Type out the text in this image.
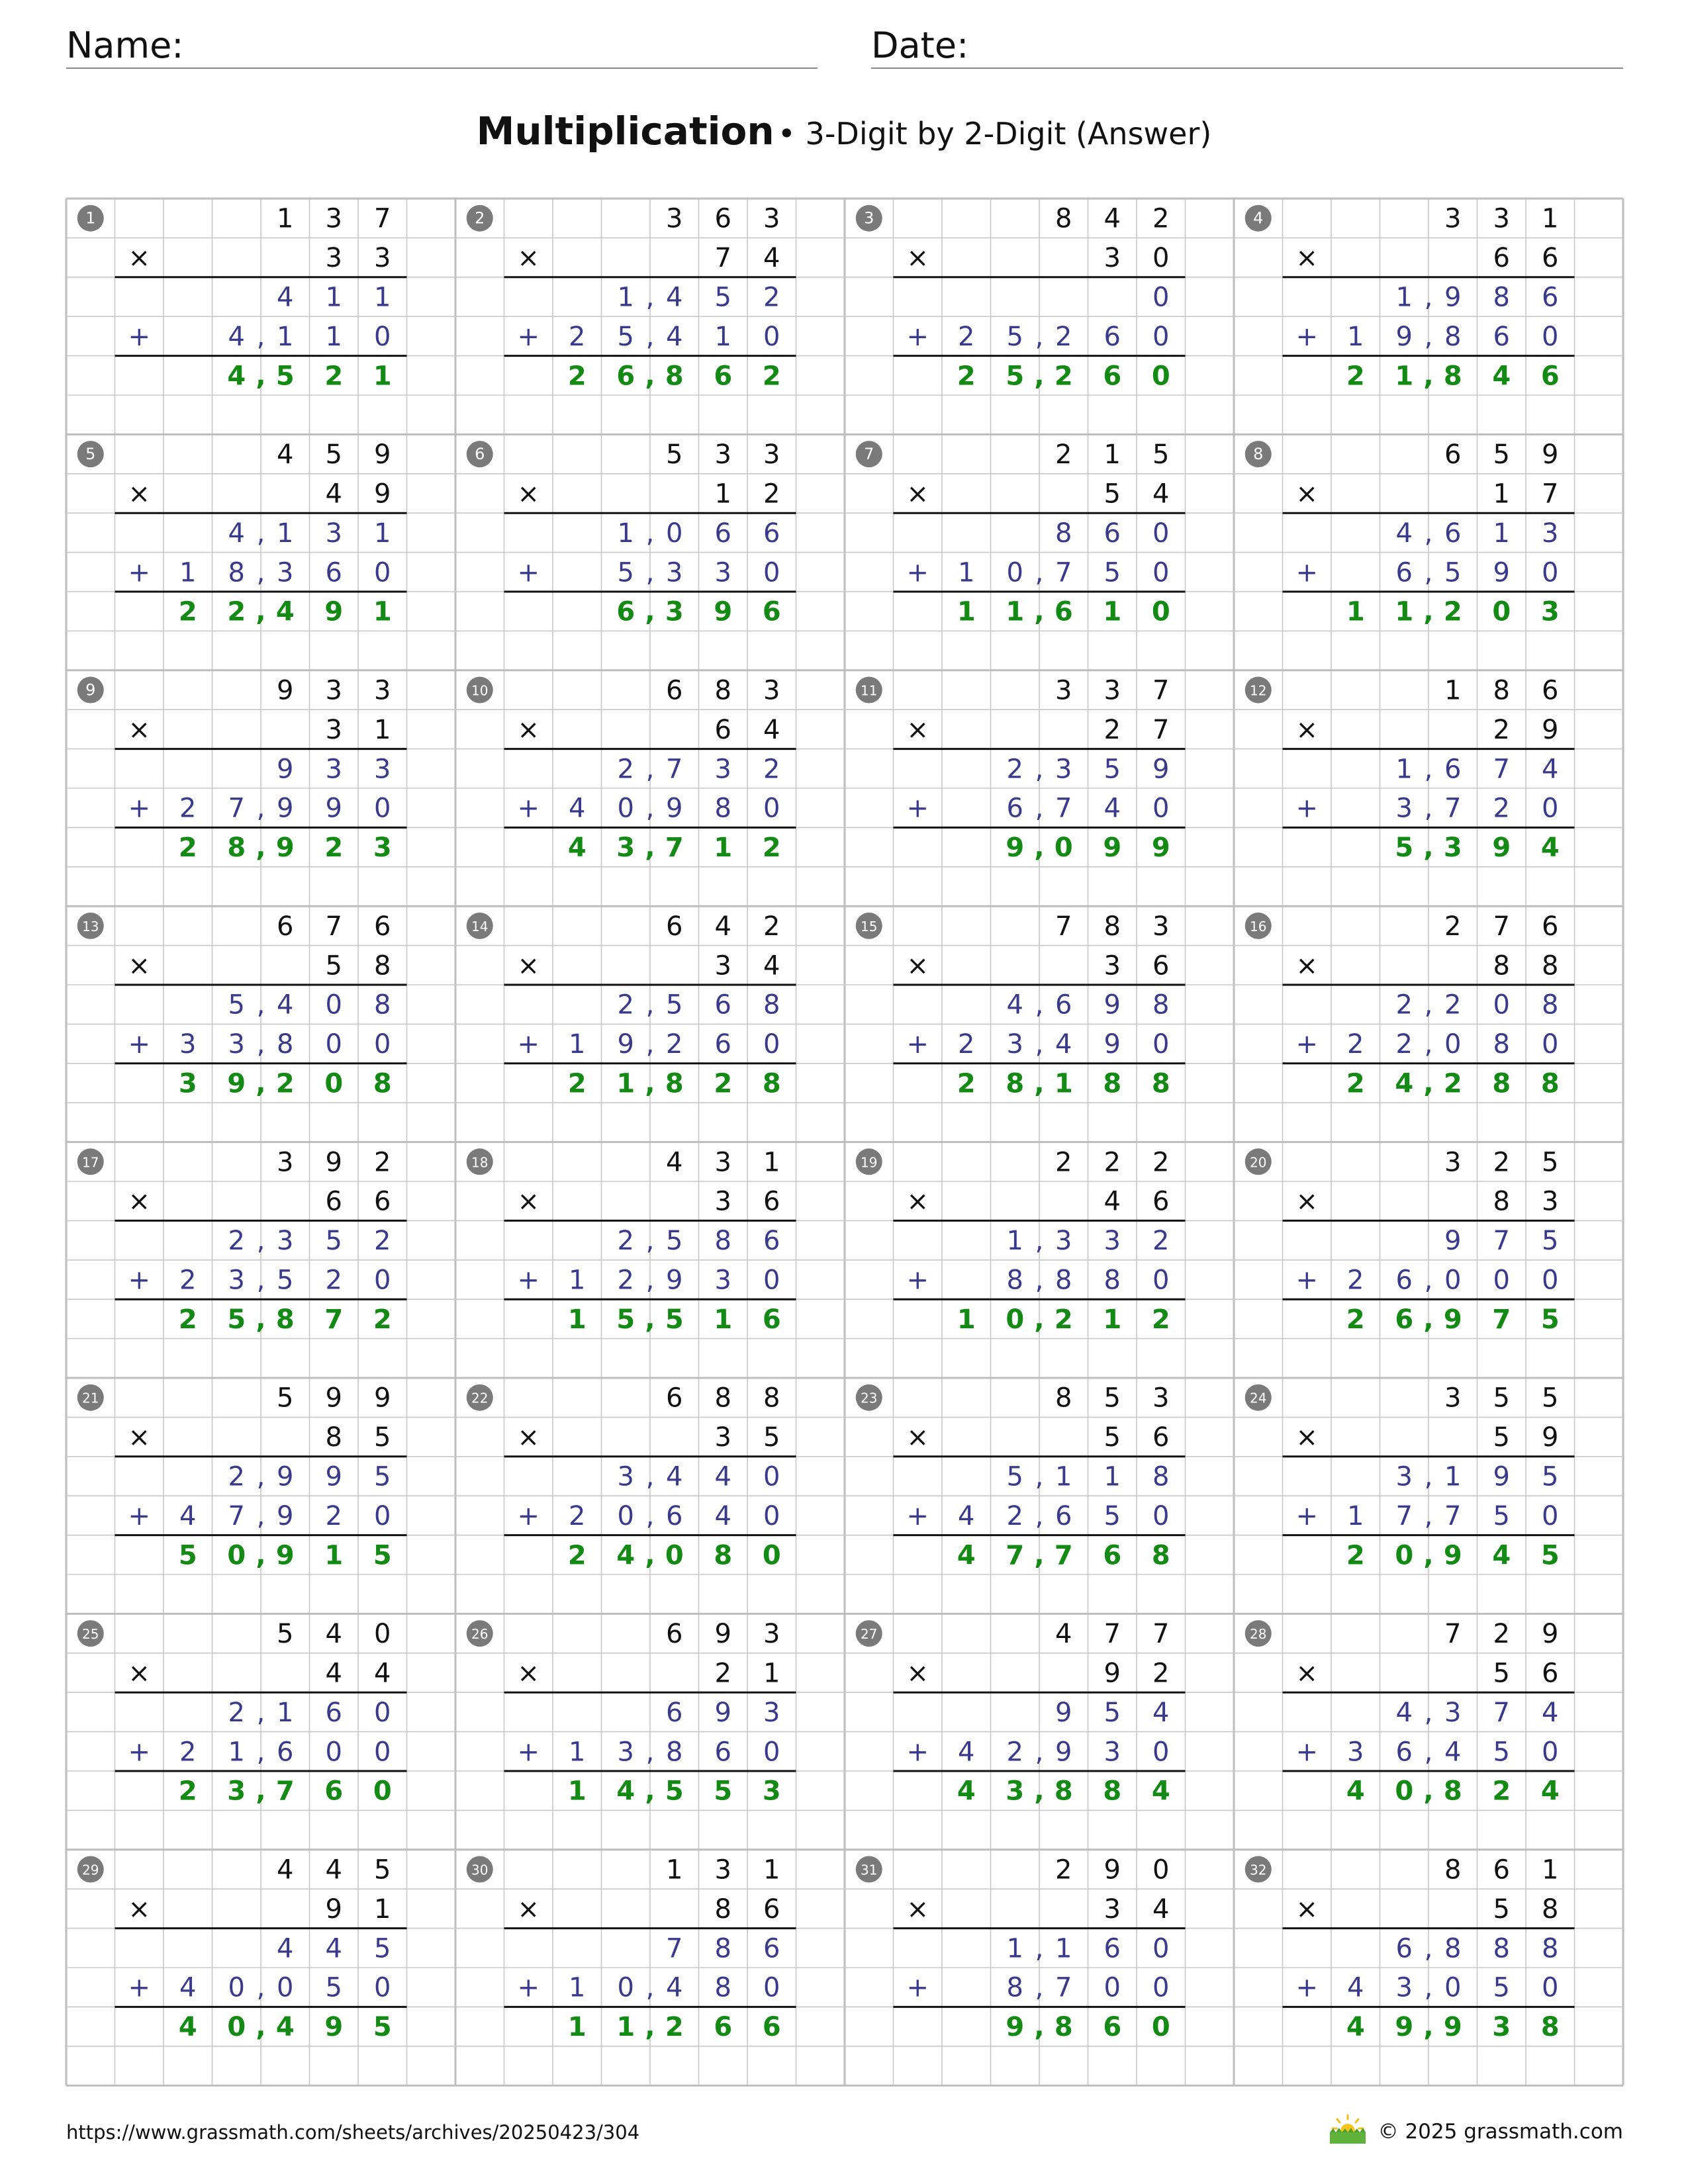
Name:	Date:
Multiplication • 3-Digit by 2-Digit (Answer)
1	1 3 7
×	3 3
4 1 1
+	4 , 1 1 0
4 , 5 2 1
2	3 6 3
×	7 4
1 , 4 5 2
+ 2 5 , 4 1 0
2 6 , 8 6 2
3	8 4 2
×	3 0
0
+ 2 5 , 2 6 0
2 5 , 2 6 0
4	3 3 1
×	6 6
1 , 9 8 6
+ 1 9 , 8 6 0
2 1 , 8 4 6
5	4 5 9
×	4 9
4 , 1 3 1
+ 1 8 , 3 6 0
2 2 , 4 9 1
6	5 3 3
×	1 2
1 , 0 6 6
+	5 , 3 3 0
6 , 3 9 6
7	2 1 5
×	5 4
8 6 0
+ 1 0 , 7 5 0
1 1 , 6 1 0
8	6 5 9
×	1 7
4 , 6 1 3
+	6 , 5 9 0
1 1 , 2 0 3
9	9 3 3
×	3 1
9 3 3
+ 2 7 , 9 9 0
2 8 , 9 2 3
10	6 8 3
×	6 4
2 , 7 3 2
+ 4 0 , 9 8 0
4 3 , 7 1 2
11	3 3 7
×	2 7
2 , 3 5 9
+	6 , 7 4 0
9 , 0 9 9
12	1 8 6
×	2 9
1 , 6 7 4
+	3 , 7 2 0
5 , 3 9 4
13	6 7 6
×	5 8
5 , 4 0 8
+ 3 3 , 8 0 0
3 9 , 2 0 8
14	6 4 2
×	3 4
2 , 5 6 8
+ 1 9 , 2 6 0
2 1 , 8 2 8
15	7 8 3
×	3 6
4 , 6 9 8
+ 2 3 , 4 9 0
2 8 , 1 8 8
16	2 7 6
×	8 8
2 , 2 0 8
+ 2 2 , 0 8 0
2 4 , 2 8 8
17	3 9 2
×	6 6
2 , 3 5 2
+ 2 3 , 5 2 0
2 5 , 8 7 2
18	4 3 1
×	3 6
2 , 5 8 6
+ 1 2 , 9 3 0
1 5 , 5 1 6
19	2 2 2
×	4 6
1 , 3 3 2
+	8 , 8 8 0
1 0 , 2 1 2
20	3 2 5
×	8 3
9 7 5
+ 2 6 , 0 0 0
2 6 , 9 7 5
21	5 9 9
×	8 5
2 , 9 9 5
+ 4 7 , 9 2 0
5 0 , 9 1 5
22	6 8 8
×	3 5
3 , 4 4 0
+ 2 0 , 6 4 0
2 4 , 0 8 0
23	8 5 3
×	5 6
5 , 1 1 8
+ 4 2 , 6 5 0
4 7 , 7 6 8
24	3 5 5
×	5 9
3 , 1 9 5
+ 1 7 , 7 5 0
2 0 , 9 4 5
25	5 4 0
×	4 4
2 , 1 6 0
+ 2 1 , 6 0 0
2 3 , 7 6 0
26	6 9 3
×	2 1
6 9 3
+ 1 3 , 8 6 0
1 4 , 5 5 3
27	4 7 7
×	9 2
9 5 4
+ 4 2 , 9 3 0
4 3 , 8 8 4
28	7 2 9
×	5 6
4 , 3 7 4
+ 3 6 , 4 5 0
4 0 , 8 2 4
29	4 4 5
×	9 1
4 4 5
+ 4 0 , 0 5 0
4 0 , 4 9 5
30	1 3 1
×	8 6
7 8 6
+ 1 0 , 4 8 0
1 1 , 2 6 6
31	2 9 0
×	3 4
1 , 1 6 0
+	8 , 7 0 0
9 , 8 6 0
32	8 6 1
×	5 8
6 , 8 8 8
+ 4 3 , 0 5 0
4 9 , 9 3 8
https://www.grassmath.com/sheets/archives/20250423/304	© 2025 grassmath.com
